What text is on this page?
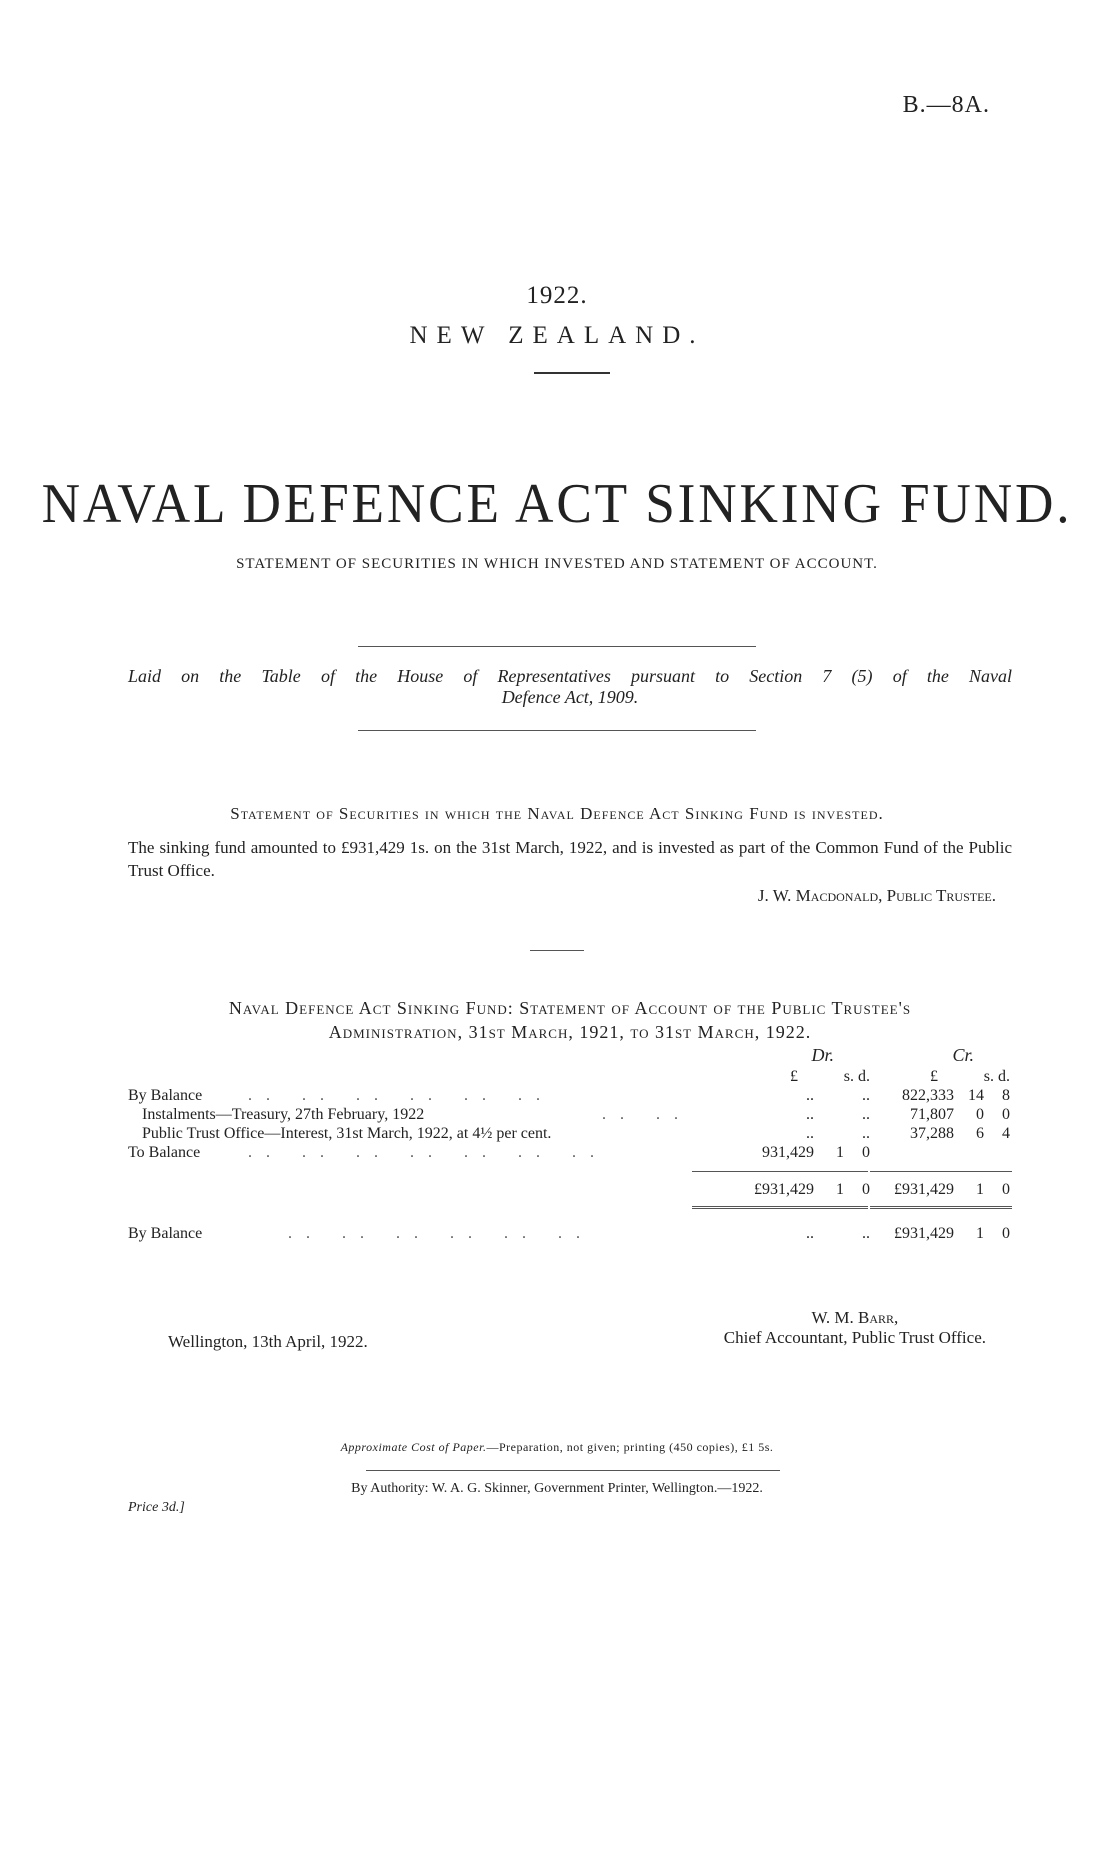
B.—8A.
1922.
NEW ZEALAND.
NAVAL DEFENCE ACT SINKING FUND.
STATEMENT OF SECURITIES IN WHICH INVESTED AND STATEMENT OF ACCOUNT.
Laid on the Table of the House of Representatives pursuant to Section 7 (5) of the Naval
Defence Act, 1909.
Statement of Securities in which the Naval Defence Act Sinking Fund is invested.
The sinking fund amounted to £931,429 1s. on the 31st March, 1922, and is invested as part of the Common Fund of the Public Trust Office.
J. W. Macdonald, Public Trustee.
Naval Defence Act Sinking Fund: Statement of Account of the Public Trustee's
Administration, 31st March, 1921, to 31st March, 1922.
Dr.	Cr.
£	s. d.	£	s. d.
By Balance	.. .. .. .. .. ..	..	.. 822,333 14 8
Instalments—Treasury, 27th February, 1922	.. ..	..	..	71,807 0 0
Public Trust Office—Interest, 31st March, 1922, at 4½ per cent.	..	..	37,288 6 4
To Balance	.. .. .. .. .. .. ..	931,429 1 0
£931,429 1 0 £931,429 1 0
By Balance	.. .. .. .. .. ..	..	.. £931,429 1 0
W. M. Barr,
Chief Accountant, Public Trust Office.
Wellington, 13th April, 1922.
Approximate Cost of Paper.—Preparation, not given; printing (450 copies), £1 5s.
By Authority: W. A. G. Skinner, Government Printer, Wellington.—1922.
Price 3d.]
